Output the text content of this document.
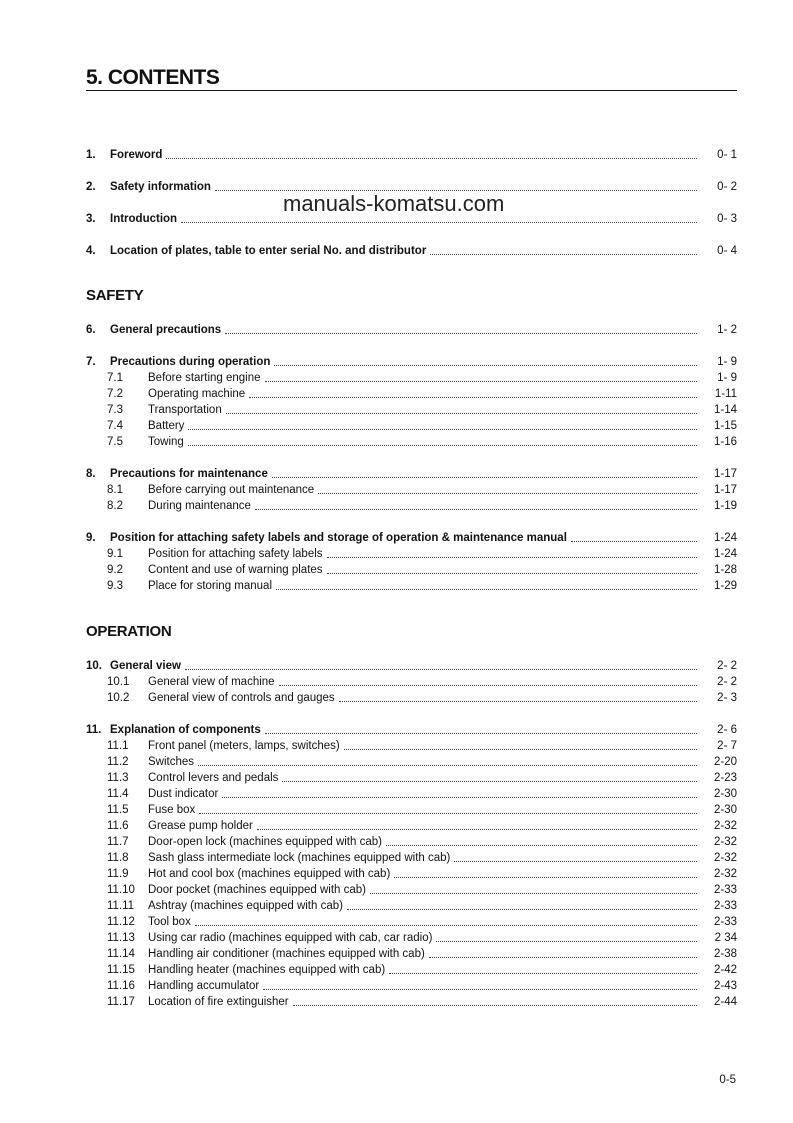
5. CONTENTS
manuals-komatsu.com
1.	Foreword	0- 1
2.	Safety information	0- 2
3.	Introduction	0- 3
4.	Location of plates, table to enter serial No. and distributor	0- 4
SAFETY
6.	General precautions	1- 2
7.	Precautions during operation	1- 9
7.1	Before starting engine	1- 9
7.2	Operating machine	1-11
7.3	Transportation	1-14
7.4	Battery	1-15
7.5	Towing	1-16
8.	Precautions for maintenance	1-17
8.1	Before carrying out maintenance	1-17
8.2	During maintenance	1-19
9.	Position for attaching safety labels and storage of operation & maintenance manual	1-24
9.1	Position for attaching safety labels	1-24
9.2	Content and use of warning plates	1-28
9.3	Place for storing manual	1-29
OPERATION
10. General view	2- 2
10.1	General view of machine	2- 2
10.2	General view of controls and gauges	2- 3
11. Explanation of components	2- 6
11.1	Front panel (meters, lamps, switches)	2- 7
11.2	Switches	2-20
11.3	Control levers and pedals	2-23
11.4	Dust indicator	2-30
11.5	Fuse box	2-30
11.6	Grease pump holder	2-32
11.7	Door-open lock (machines equipped with cab)	2-32
11.8	Sash glass intermediate lock (machines equipped with cab)	2-32
11.9	Hot and cool box (machines equipped with cab)	2-32
11.10	Door pocket (machines equipped with cab)	2-33
11.11	Ashtray (machines equipped with cab)	2-33
11.12	Tool box	2-33
11.13	Using car radio (machines equipped with cab, car radio)	2 34
11.14	Handling air conditioner (machines equipped with cab)	2-38
11.15	Handling heater (machines equipped with cab)	2-42
11.16	Handling accumulator	2-43
11.17	Location of fire extinguisher	2-44
0-5
